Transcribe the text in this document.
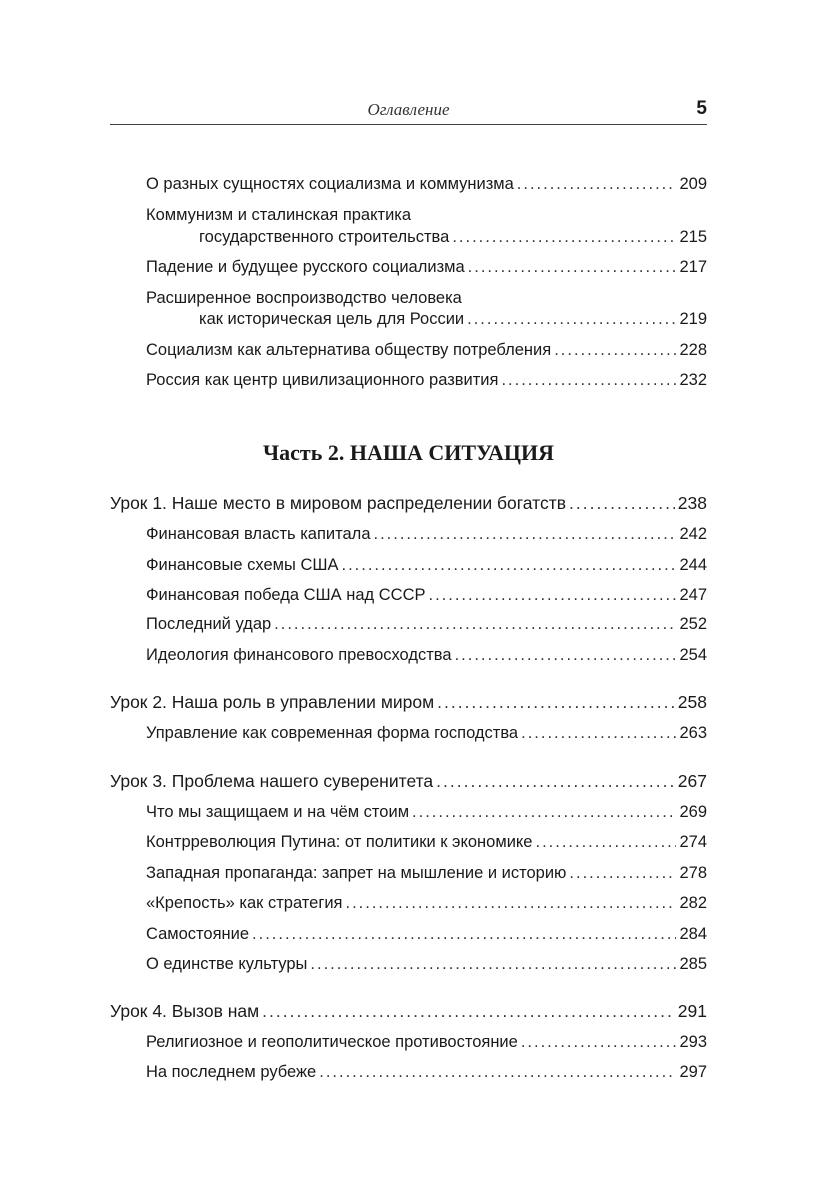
Оглавление	5
О разных сущностях социализма и коммунизма .....	209
Коммунизм и сталинская практика
государственного строительства .....	215
Падение и будущее русского социализма .....	217
Расширенное воспроизводство человека
как историческая цель для России .....	219
Социализм как альтернатива обществу потребления .....	228
Россия как центр цивилизационного развития .....	232
Часть 2. НАША СИТУАЦИЯ
Урок 1. Наше место в мировом распределении богатств .....	238
Финансовая власть капитала .....	242
Финансовые схемы США .....	244
Финансовая победа США над СССР .....	247
Последний удар .....	252
Идеология финансового превосходства .....	254
Урок 2. Наша роль в управлении миром .....	258
Управление как современная форма господства .....	263
Урок 3. Проблема нашего суверенитета .....	267
Что мы защищаем и на чём стоим .....	269
Контрреволюция Путина: от политики к экономике .....	274
Западная пропаганда: запрет на мышление и историю .....	278
«Крепость» как стратегия .....	282
Самостояние .....	284
О единстве культуры .....	285
Урок 4. Вызов нам .....	291
Религиозное и геополитическое противостояние .....	293
На последнем рубеже .....	297
